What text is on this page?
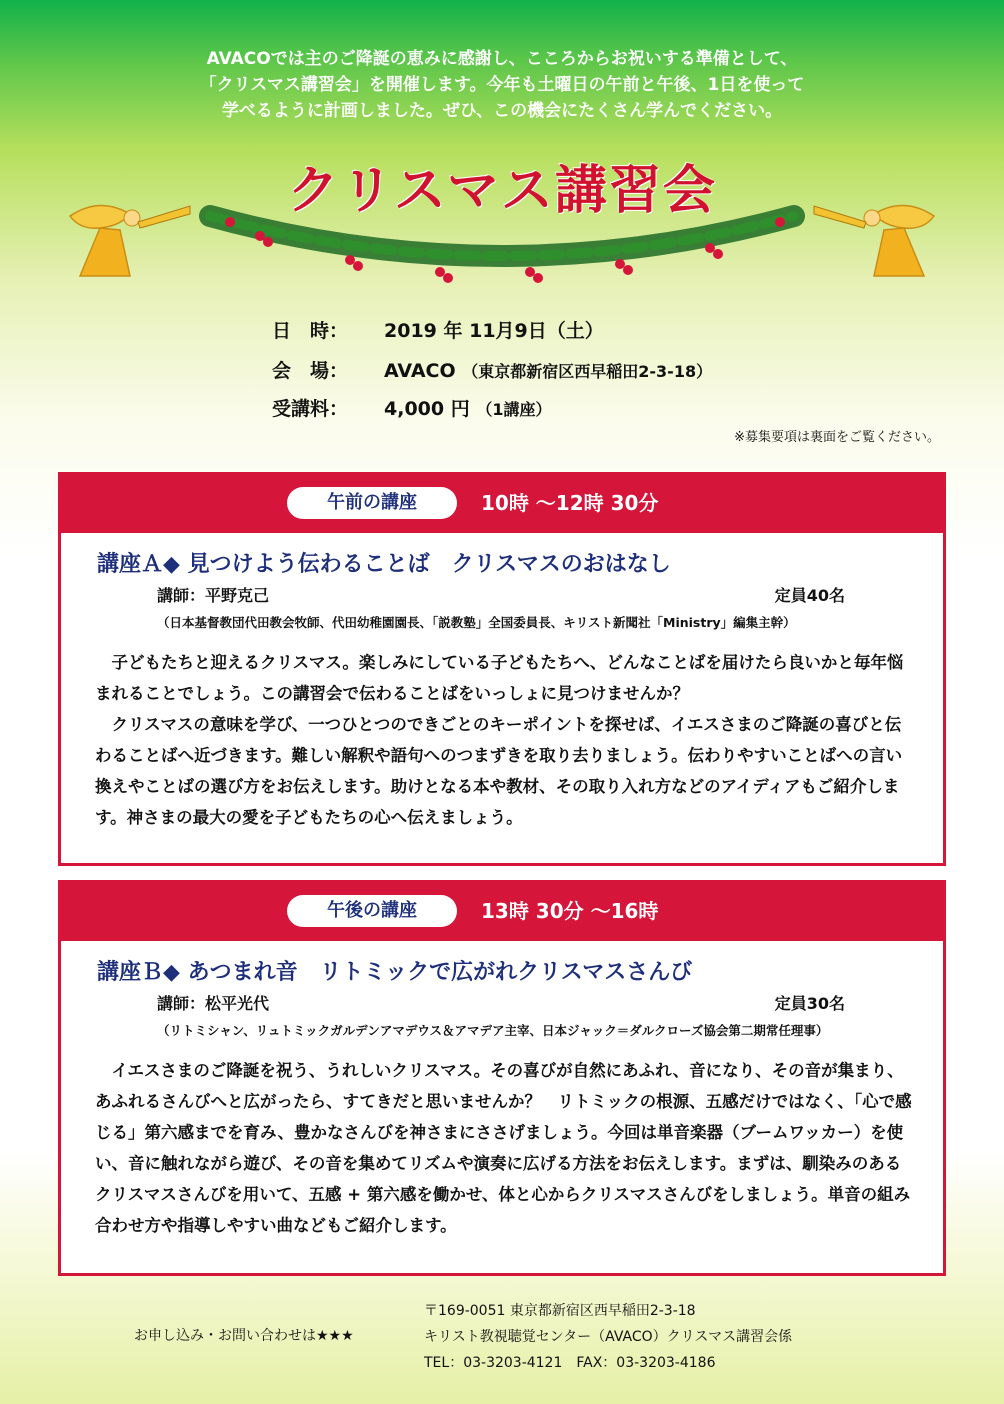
AVACOでは主のご降誕の恵みに感謝し、こころからお祝いする準備として、
「クリスマス講習会」を開催します。今年も土曜日の午前と午後、1日を使って
学べるように計画しました。ぜひ、この機会にたくさん学んでください。
クリスマス講習会
日　時： 2019 年 11月9日（土）
会　場： AVACO （東京都新宿区西早稲田2-3-18）
受講料： 4,000 円 （1講座）
※募集要項は裏面をご覧ください。
午前の講座	10時 ～12時 30分
講座Ａ◆ 見つけよう伝わることば　クリスマスのおはなし
講師：平野克己	定員40名
（日本基督教団代田教会牧師、代田幼稚園園長、「説教塾」全国委員長、キリスト新聞社「Ministry」編集主幹）

子どもたちと迎えるクリスマス。楽しみにしている子どもたちへ、どんなことばを届けたら良いかと毎年悩まれることでしょう。この講習会で伝わることばをいっしょに見つけませんか？

クリスマスの意味を学び、一つひとつのできごとのキーポイントを探せば、イエスさまのご降誕の喜びと伝わることばへ近づきます。難しい解釈や語句へのつまずきを取り去りましょう。伝わりやすいことばへの言い換えやことばの選び方をお伝えします。助けとなる本や教材、その取り入れ方などのアイディアもご紹介します。神さまの最大の愛を子どもたちの心へ伝えましょう。

午後の講座	13時 30分 ～16時
講座Ｂ◆ あつまれ音　リトミックで広がれクリスマスさんび
講師：松平光代	定員30名
（リトミシャン、リュトミックガルデンアマデウス＆アマデア主宰、日本ジャック＝ダルクローズ協会第二期常任理事）

イエスさまのご降誕を祝う、うれしいクリスマス。その喜びが自然にあふれ、音になり、その音が集まり、あふれるさんびへと広がったら、すてきだと思いませんか？　リトミックの根源、五感だけではなく、「心で感じる」第六感までを育み、豊かなさんびを神さまにささげましょう。今回は単音楽器（ブームワッカー）を使い、音に触れながら遊び、その音を集めてリズムや演奏に広げる方法をお伝えします。まずは、馴染みのあるクリスマスさんびを用いて、五感 + 第六感を働かせ、体と心からクリスマスさんびをしましょう。単音の組み合わせ方や指導しやすい曲などもご紹介します。

お申し込み・お問い合わせは★★★
〒169-0051 東京都新宿区西早稲田2-3-18
キリスト教視聴覚センター（AVACO）クリスマス講習会係
TEL：03-3203-4121　FAX：03-3203-4186
